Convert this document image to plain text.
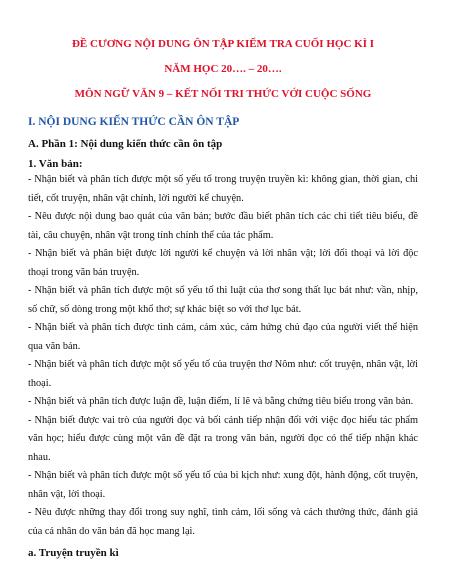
ĐỀ CƯƠNG NỘI DUNG ÔN TẬP KIỂM TRA CUỐI HỌC KÌ I

NĂM HỌC 20…. – 20….

MÔN NGỮ VĂN 9 – KẾT NỐI TRI THỨC VỚI CUỘC SỐNG

I. NỘI DUNG KIẾN THỨC CẦN ÔN TẬP
A. Phần 1: Nội dung kiến thức cần ôn tập
1. Văn bản:

- Nhận biết và phân tích được một số yếu tố trong truyện truyền kì: không gian, thời gian, chi tiết, cốt truyện, nhân vật chính, lời người kể chuyện.

- Nêu được nội dung bao quát của văn bản; bước đầu biết phân tích các chi tiết tiêu biểu, đề tài, câu chuyện, nhân vật trong tính chỉnh thể của tác phẩm.

- Nhận biết và phân biệt được lời người kể chuyện và lời nhân vật; lời đối thoại và lời độc thoại trong văn bản truyện.

- Nhận biết và phân tích được một số yếu tố thi luật của thơ song thất lục bát như: vần, nhịp, số chữ, số dòng trong một khổ thơ; sự khác biệt so với thơ lục bát.

- Nhận biết và phân tích được tình cảm, cảm xúc, cảm hứng chủ đạo của người viết thể hiện qua văn bản.

- Nhận biết và phân tích được một số yếu tố của truyện thơ Nôm như: cốt truyện, nhân vật, lời thoại.

- Nhận biết và phân tích được luận đề, luận điểm, lí lẽ và bằng chứng tiêu biểu trong văn bản.

- Nhận biết được vai trò của người đọc và bối cảnh tiếp nhận đối với việc đọc hiểu tác phẩm văn học; hiểu được cùng một văn đề đặt ra trong văn bản, người đọc có thể tiếp nhận khác nhau.

- Nhận biết và phân tích được một số yếu tố của bi kịch như: xung đột, hành động, cốt truyện, nhân vật, lời thoại.

- Nêu được những thay đổi trong suy nghĩ, tình cảm, lối sống và cách thưởng thức, đánh giá của cá nhân do văn bản đã học mang lại.

a. Truyện truyền kì
